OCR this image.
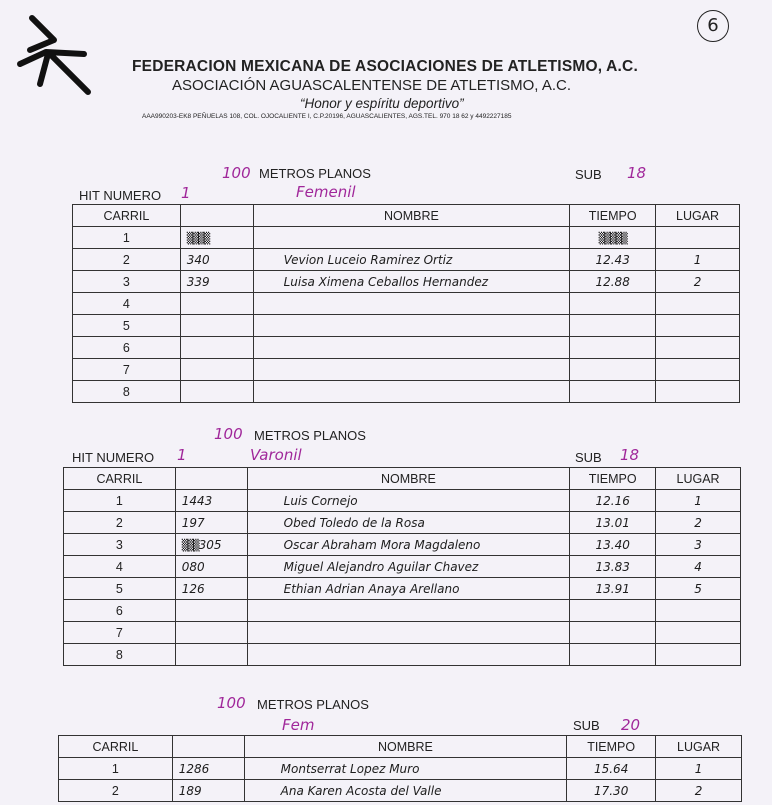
6
FEDERACION MEXICANA DE ASOCIACIONES DE ATLETISMO, A.C.
ASOCIACIÓN AGUASCALENTENSE DE ATLETISMO, A.C.
“Honor y espíritu deportivo”
AAA990203-EK8 PEÑUELAS 108, COL. OJOCALIENTE I, C.P.20196, AGUASCALIENTES, AGS.TEL. 970 18 62 y 4492227185
100 METROS PLANOS	SUB 18
HIT NUMERO 1	Femenil
CARRIL		NOMBRE	TIEMPO	LUGAR
1	▒▒▒▒		▒▒▒▒▒	
2	340	Vevion Luceio Ramirez Ortiz	12.43	1
3	339	Luisa Ximena Ceballos Hernandez	12.88	2
4				
5				
6				
7				
8				
100 METROS PLANOS
HIT NUMERO 1	Varonil	SUB 18
CARRIL		NOMBRE	TIEMPO	LUGAR
1	1443	Luis Cornejo	12.16	1
2	197	Obed Toledo de la Rosa	13.01	2
3	▒▒▒305	Oscar Abraham Mora Magdaleno	13.40	3
4	080	Miguel Alejandro Aguilar Chavez	13.83	4
5	126	Ethian Adrian Anaya Arellano	13.91	5
6				
7				
8				
100 METROS PLANOS
Fem	SUB 20
CARRIL		NOMBRE	TIEMPO	LUGAR
1	1286	Montserrat Lopez Muro	15.64	1
2	189	Ana Karen Acosta del Valle	17.30	2
